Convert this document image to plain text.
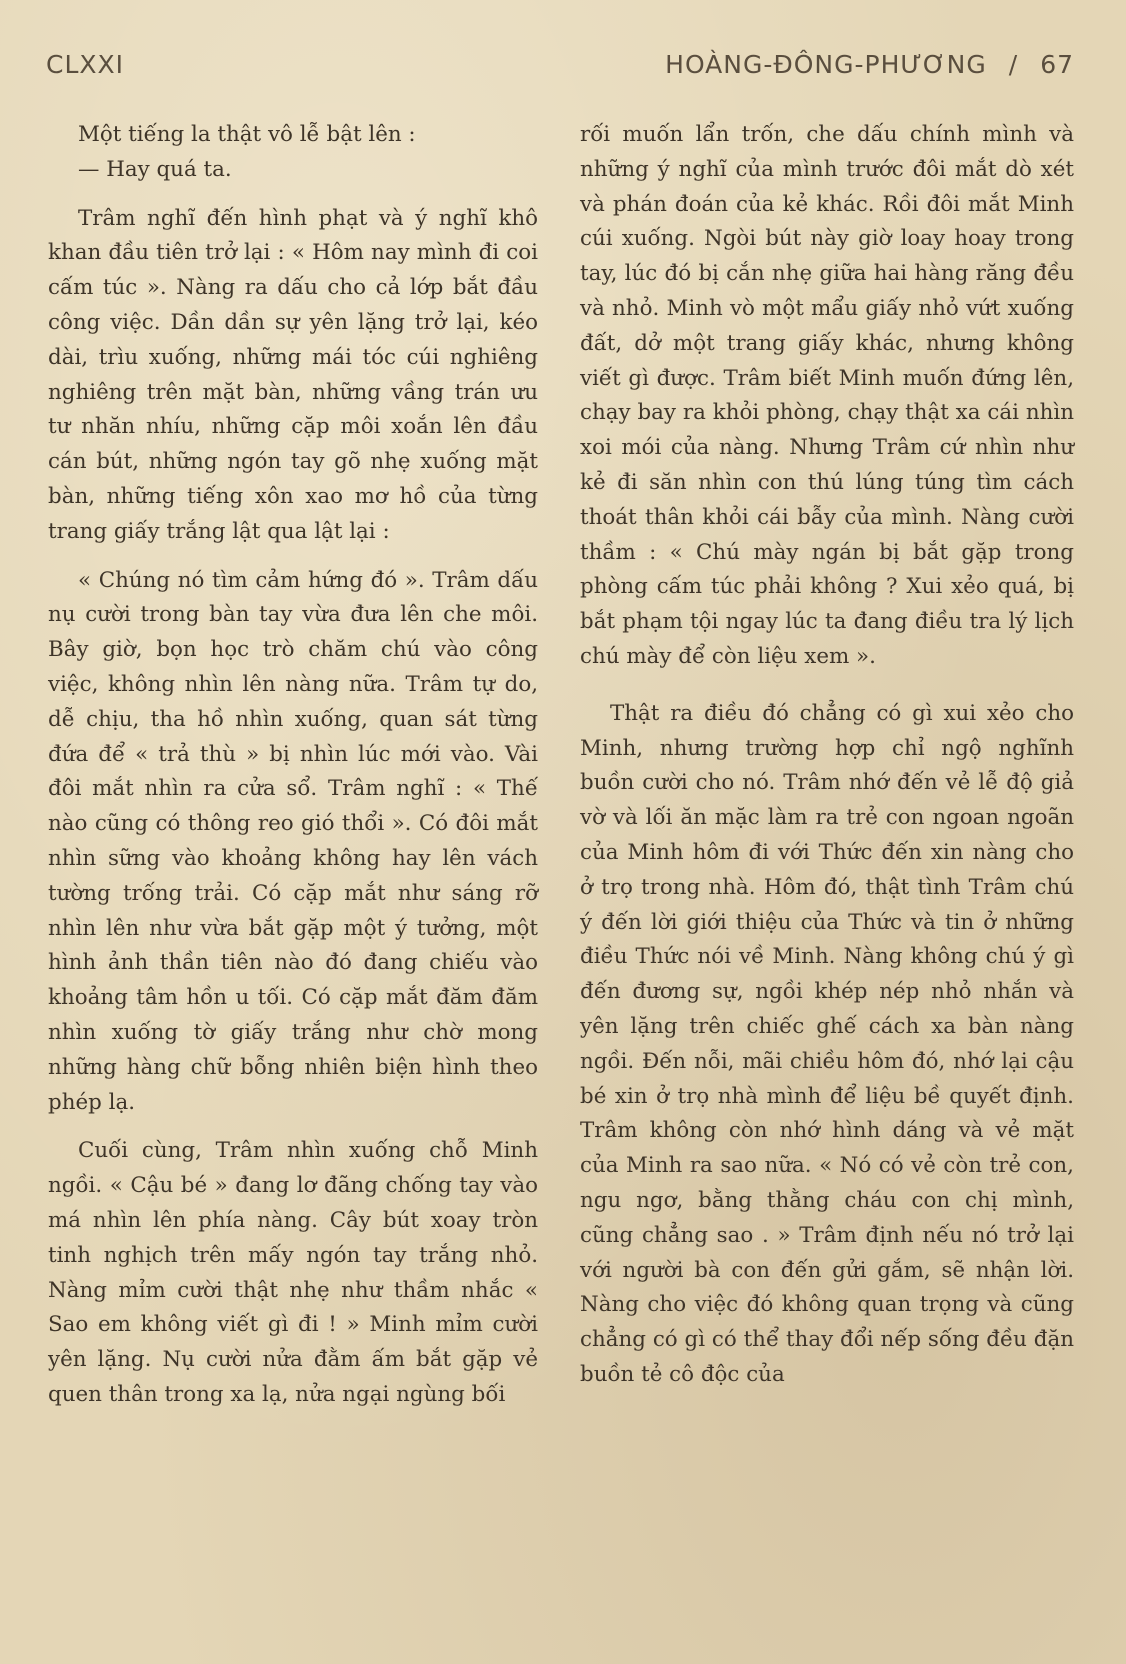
CLXXI	HOÀNG-ĐÔNG-PHƯƠNG / 67

Một tiếng la thật vô lễ bật lên :

— Hay quá ta.

Trâm nghĩ đến hình phạt và ý nghĩ khô khan đầu tiên trở lại : « Hôm nay mình đi coi cấm túc ». Nàng ra dấu cho cả lớp bắt đầu công việc. Dần dần sự yên lặng trở lại, kéo dài, trìu xuống, những mái tóc cúi nghiêng nghiêng trên mặt bàn, những vầng trán ưu tư nhăn nhíu, những cặp môi xoắn lên đầu cán bút, những ngón tay gõ nhẹ xuống mặt bàn, những tiếng xôn xao mơ hồ của từng trang giấy trắng lật qua lật lại :

« Chúng nó tìm cảm hứng đó ». Trâm dấu nụ cười trong bàn tay vừa đưa lên che môi. Bây giờ, bọn học trò chăm chú vào công việc, không nhìn lên nàng nữa. Trâm tự do, dễ chịu, tha hồ nhìn xuống, quan sát từng đứa để « trả thù » bị nhìn lúc mới vào. Vài đôi mắt nhìn ra cửa sổ. Trâm nghĩ : « Thế nào cũng có thông reo gió thổi ». Có đôi mắt nhìn sững vào khoảng không hay lên vách tường trống trải. Có cặp mắt như sáng rỡ nhìn lên như vừa bắt gặp một ý tưởng, một hình ảnh thần tiên nào đó đang chiếu vào khoảng tâm hồn u tối. Có cặp mắt đăm đăm nhìn xuống tờ giấy trắng như chờ mong những hàng chữ bỗng nhiên biện hình theo phép lạ.

Cuối cùng, Trâm nhìn xuống chỗ Minh ngồi. « Cậu bé » đang lơ đãng chống tay vào má nhìn lên phía nàng. Cây bút xoay tròn tinh nghịch trên mấy ngón tay trắng nhỏ. Nàng mỉm cười thật nhẹ như thầm nhắc « Sao em không viết gì đi ! » Minh mỉm cười yên lặng. Nụ cười nửa đằm ấm bắt gặp vẻ quen thân trong xa lạ, nửa ngại ngùng bối

rối muốn lẩn trốn, che dấu chính mình và những ý nghĩ của mình trước đôi mắt dò xét và phán đoán của kẻ khác. Rồi đôi mắt Minh cúi xuống. Ngòi bút này giờ loay hoay trong tay, lúc đó bị cắn nhẹ giữa hai hàng răng đều và nhỏ. Minh vò một mẩu giấy nhỏ vứt xuống đất, dở một trang giấy khác, nhưng không viết gì được. Trâm biết Minh muốn đứng lên, chạy bay ra khỏi phòng, chạy thật xa cái nhìn xoi mói của nàng. Nhưng Trâm cứ nhìn như kẻ đi săn nhìn con thú lúng túng tìm cách thoát thân khỏi cái bẫy của mình. Nàng cười thầm : « Chú mày ngán bị bắt gặp trong phòng cấm túc phải không ? Xui xẻo quá, bị bắt phạm tội ngay lúc ta đang điều tra lý lịch chú mày để còn liệu xem ».

Thật ra điều đó chẳng có gì xui xẻo cho Minh, nhưng trường hợp chỉ ngộ nghĩnh buồn cười cho nó. Trâm nhớ đến vẻ lễ độ giả vờ và lối ăn mặc làm ra trẻ con ngoan ngoãn của Minh hôm đi với Thức đến xin nàng cho ở trọ trong nhà. Hôm đó, thật tình Trâm chú ý đến lời giới thiệu của Thức và tin ở những điều Thức nói về Minh. Nàng không chú ý gì đến đương sự, ngồi khép nép nhỏ nhắn và yên lặng trên chiếc ghế cách xa bàn nàng ngồi. Đến nỗi, mãi chiều hôm đó, nhớ lại cậu bé xin ở trọ nhà mình để liệu bề quyết định. Trâm không còn nhớ hình dáng và vẻ mặt của Minh ra sao nữa. « Nó có vẻ còn trẻ con, ngu ngơ, bằng thằng cháu con chị mình, cũng chẳng sao . » Trâm định nếu nó trở lại với người bà con đến gửi gắm, sẽ nhận lời. Nàng cho việc đó không quan trọng và cũng chẳng có gì có thể thay đổi nếp sống đều đặn buồn tẻ cô độc của
